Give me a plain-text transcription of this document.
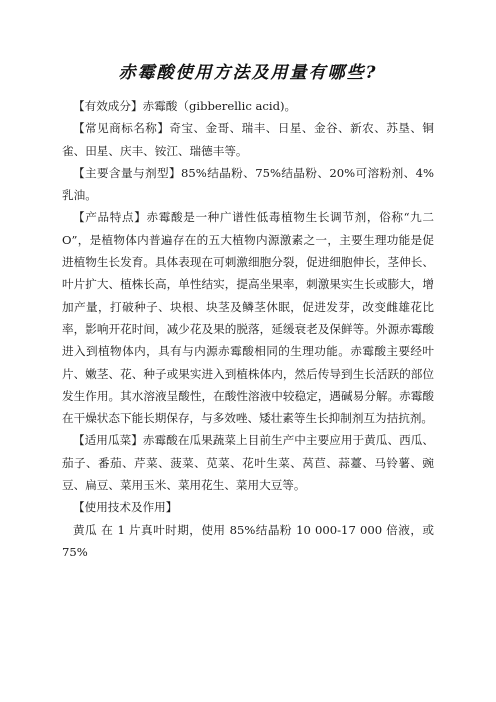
赤霉酸使用方法及用量有哪些?

【有效成分】赤霉酸（gibberellic acid)。

【常见商标名称】奇宝、金哥、瑞丰、日星、金谷、新农、苏垦、铜雀、田星、庆丰、铵江、瑞德丰等。

【主要含量与剂型】85%结晶粉、75%结晶粉、20%可溶粉剂、4%乳油。

【产品特点】赤霉酸是一种广谱性低毒植物生长调节剂，俗称“九二O”，是植物体内普遍存在的五大植物内源激素之一，主要生理功能是促进植物生长发育。具体表现在可刺激细胞分裂，促进细胞伸长，茎伸长、叶片扩大、植株长高，单性结实，提高坐果率，刺激果实生长或膨大，增加产量，打破种子、块根、块茎及鳞茎休眠，促进发芽，改变雌雄花比率，影响开花时间，减少花及果的脱落，延缓衰老及保鲜等。外源赤霉酸进入到植物体内，具有与内源赤霉酸相同的生理功能。赤霉酸主要经叶片、嫩茎、花、种子或果实进入到植株体内，然后传导到生长活跃的部位发生作用。其水溶液呈酸性，在酸性溶液中较稳定，遇碱易分解。赤霉酸在干燥状态下能长期保存，与多效唑、矮壮素等生长抑制剂互为拮抗剂。

【适用瓜菜】赤霉酸在瓜果蔬菜上目前生产中主要应用于黄瓜、西瓜、茄子、番茄、芹菜、菠菜、苋菜、花叶生菜、莴苣、蒜薹、马铃薯、豌豆、扁豆、菜用玉米、菜用花生、菜用大豆等。

【使用技术及作用】

黄瓜 在 1 片真叶时期，使用 85%结晶粉 10 000-17 000 倍液，或 75%
